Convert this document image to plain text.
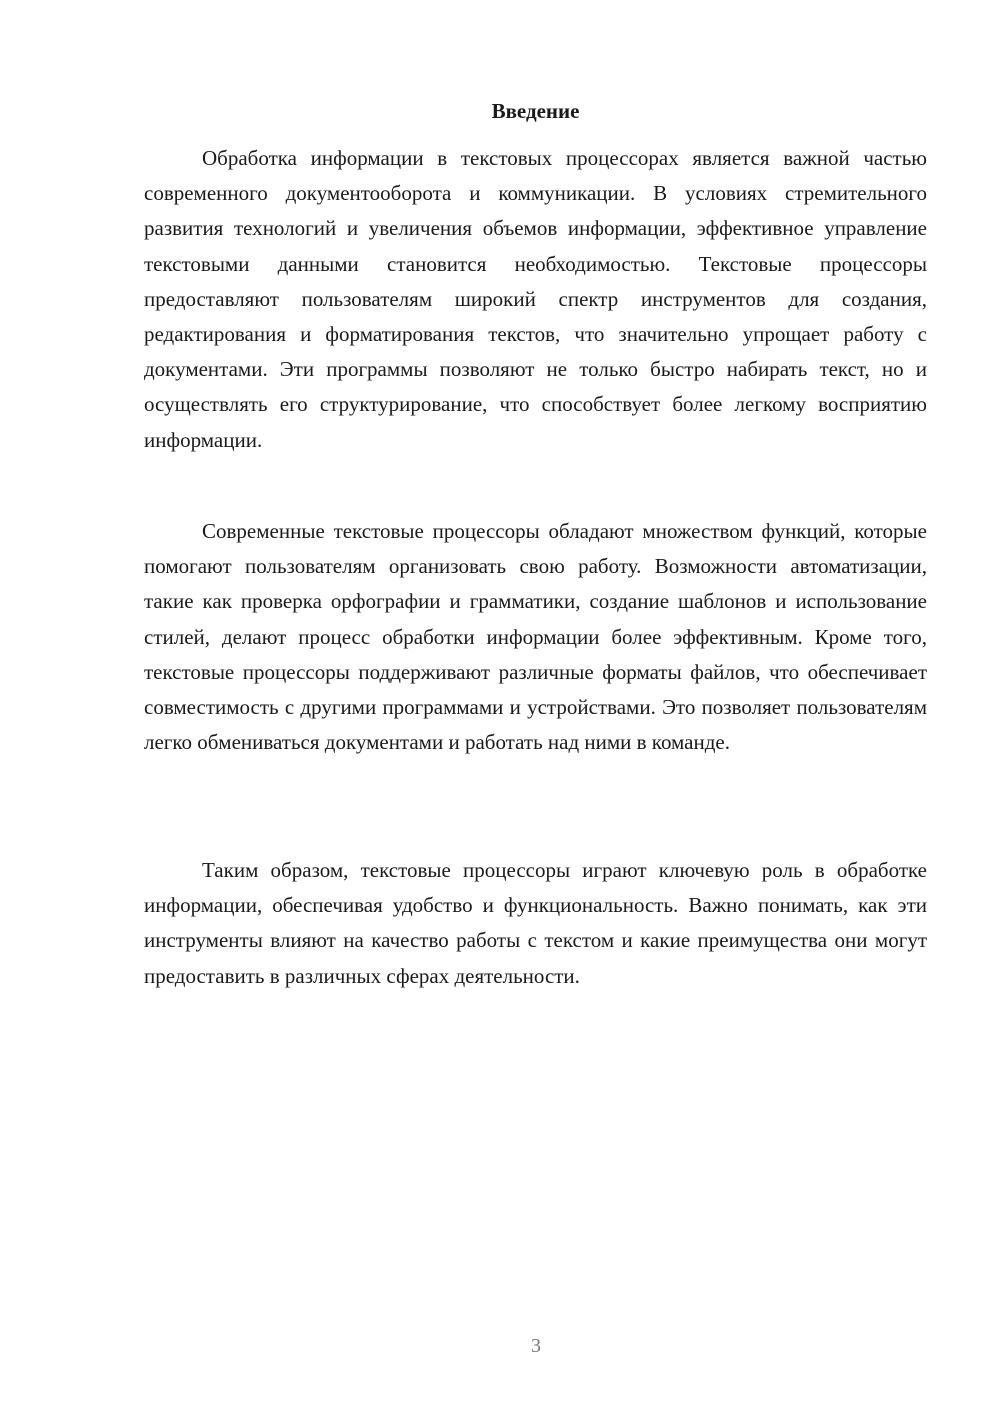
Введение

Обработка информации в текстовых процессорах является важной частью современного документооборота и коммуникации. В условиях стремительного развития технологий и увеличения объемов информации, эффективное управление текстовыми данными становится необходимостью. Текстовые процессоры предоставляют пользователям широкий спектр инструментов для создания, редактирования и форматирования текстов, что значительно упрощает работу с документами. Эти программы позволяют не только быстро набирать текст, но и осуществлять его структурирование, что способствует более легкому восприятию информации.

Современные текстовые процессоры обладают множеством функций, которые помогают пользователям организовать свою работу. Возможности автоматизации, такие как проверка орфографии и грамматики, создание шаблонов и использование стилей, делают процесс обработки информации более эффективным. Кроме того, текстовые процессоры поддерживают различные форматы файлов, что обеспечивает совместимость с другими программами и устройствами. Это позволяет пользователям легко обмениваться документами и работать над ними в команде.

Таким образом, текстовые процессоры играют ключевую роль в обработке информации, обеспечивая удобство и функциональность. Важно понимать, как эти инструменты влияют на качество работы с текстом и какие преимущества они могут предоставить в различных сферах деятельности.

3
